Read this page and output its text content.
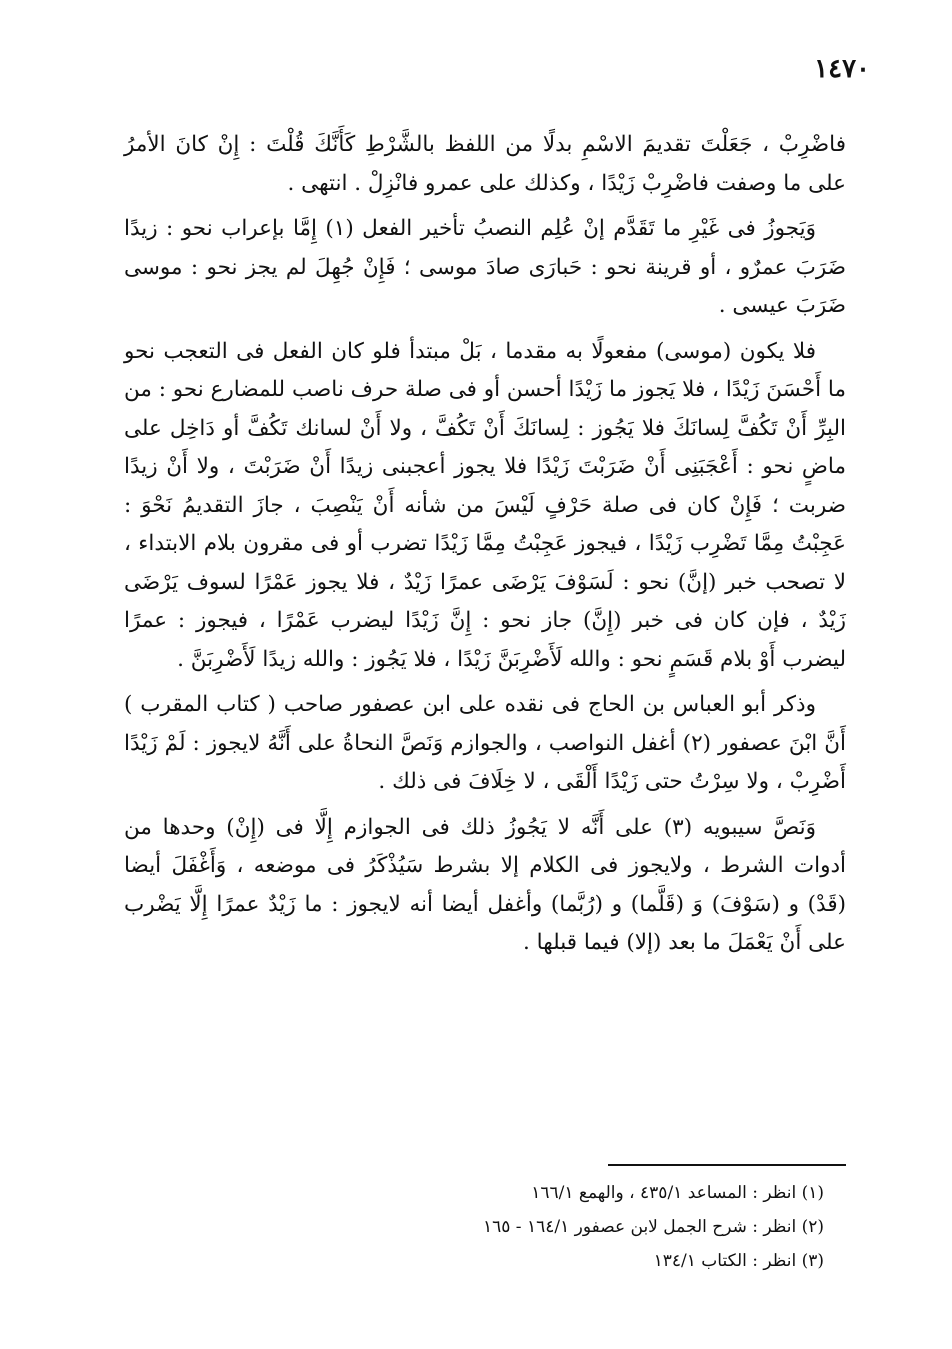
١٤٧٠

فاضْرِبْ ، جَعَلْتَ تقديمَ الاسْمِ بدلًا من اللفظ بالشَّرْطِ كَأَنَّكَ قُلْتَ : إِنْ كانَ الأمرُ على ما وصفت فاضْرِبْ زَيْدًا ، وكذلك على عمرو فانْزِلْ . انتهى .

وَيَجوزُ فى غَيْرِ ما تَقَدَّم إنْ عُلِم النصبُ تأخير الفعل (١) إِمَّا بإعراب نحو : زيدًا ضَرَبَ عمرٌو ، أو قرينة نحو : حَبارَى صادَ موسى ؛ فَإِنْ جُهِلَ لم يجز نحو : موسى ضَرَبَ عيسى .

فلا يكون (موسى) مفعولًا به مقدما ، بَلْ مبتدأ فلو كان الفعل فى التعجب نحو ما أَحْسَنَ زَيْدًا ، فلا يَجوز ما زَيْدًا أحسن أو فى صلة حرف ناصب للمضارع نحو : من البِرِّ أَنْ تَكُفَّ لِسانَكَ فلا يَجُوز : لِسانَكَ أَنْ تَكُفَّ ، ولا أَنْ لسانك تَكُفَّ أو دَاخِل على ماضٍ نحو : أَعْجَبَنِى أَنْ ضَرَبْتَ زَيْدًا فلا يجوز أعجبنى زيدًا أَنْ ضَرَبْتَ ، ولا أَنْ زيدًا ضربت ؛ فَإِنْ كان فى صلة حَرْفٍ لَيْسَ من شأنه أَنْ يَنْصِبَ ، جازَ التقديمُ نَحْوَ : عَجِبْتُ مِمَّا تَضْرِب زَيْدًا ، فيجوز عَجِبْتُ مِمَّا زَيْدًا تضرب أو فى مقرون بلام الابتداء ، لا تصحب خبر (إنَّ) نحو : لَسَوْفَ يَرْضَى عمرًا زَيْدٌ ، فلا يجوز عَمْرًا لسوف يَرْضَى زَيْدٌ ، فإن كان فى خبر (إِنَّ) جاز نحو : إِنَّ زَيْدًا ليضرب عَمْرًا ، فيجوز : عمرًا ليضرب أَوْ بلام قَسَمٍ نحو : والله لَأَضْرِبَنَّ زَيْدًا ، فلا يَجُوز : والله زيدًا لَأَضْرِبَنَّ .

وذكر أبو العباس بن الحاج فى نقده على ابن عصفور صاحب ( كتاب المقرب ) أَنَّ ابْنَ عصفور (٢) أغفل النواصب ، والجوازم وَنَصَّ النحاةُ على أَنَّهُ لايجوز : لَمْ زَيْدًا أَضْرِبْ ، ولا سِرْتُ حتى زَيْدًا أَلْقَى ، لا خِلَافَ فى ذلك .

وَنَصَّ سيبويه (٣) على أَنَّه لا يَجُوزُ ذلك فى الجوازم إِلَّا فى (إِنْ) وحدها من أدوات الشرط ، ولايجوز فى الكلام إلا بشرط سَيُذْكَرُ فى موضعه ، وَأَغْفَلَ أيضا (قَدْ) و (سَوْفَ) وَ (قَلَّما) و (رُبَّما) وأغفل أيضا أنه لايجوز : ما زَيْدٌ عمرًا إِلَّا يَضْرب على أَنْ يَعْمَلَ ما بعد (إلا) فيما قبلها .

(١) انظر : المساعد ٤٣٥/١ ، والهمع ١٦٦/١
(٢) انظر : شرح الجمل لابن عصفور ١٦٤/١ - ١٦٥
(٣) انظر : الكتاب ١٣٤/١
